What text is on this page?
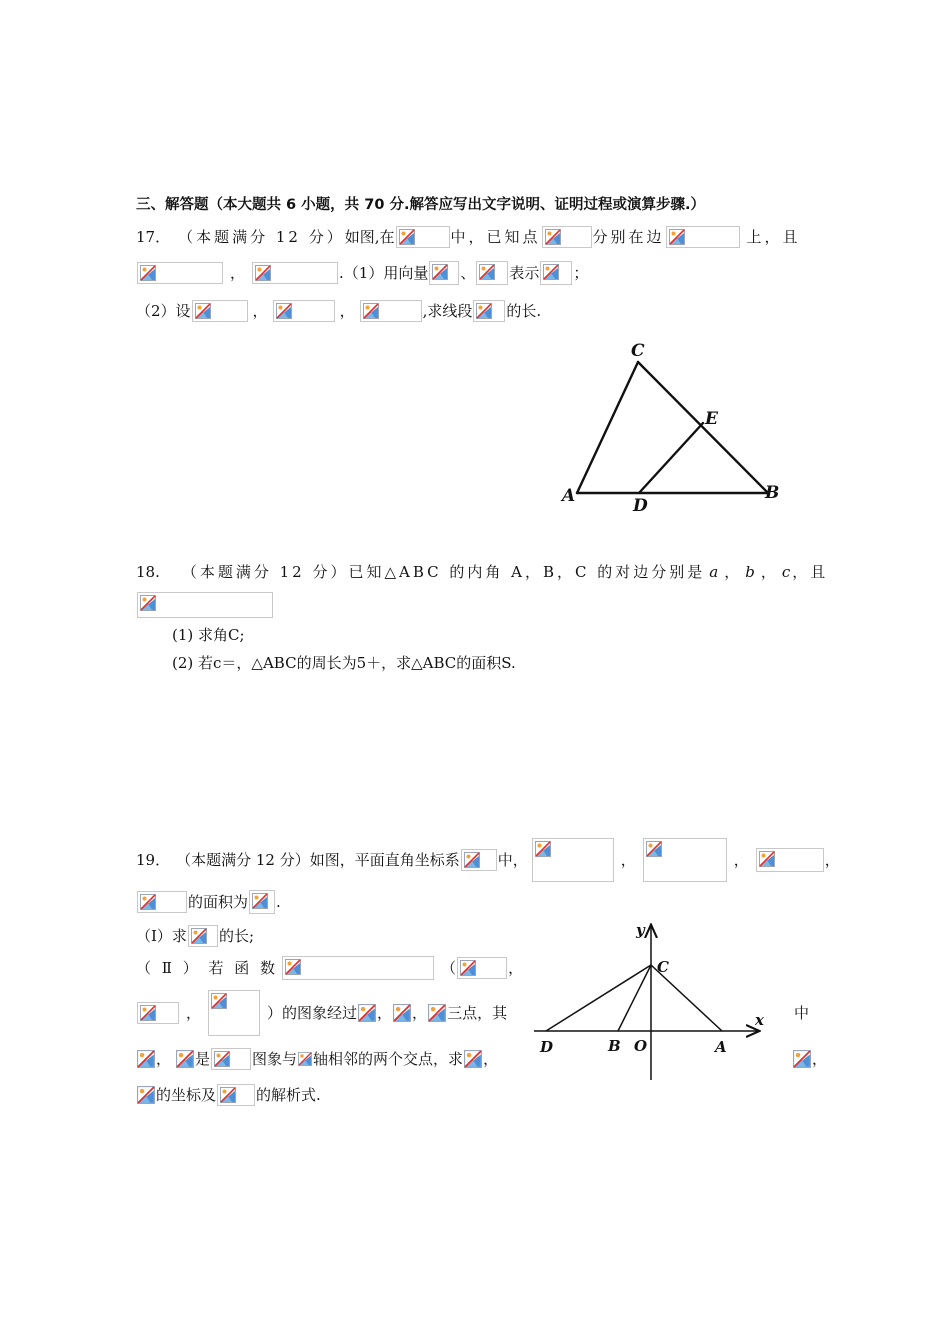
三、解答题（本大题共 6 小题，共 70 分.解答应写出文字说明、证明过程或演算步骤.）
17． （本题满分 12 分） 如图,在	中，已知点	分别在边	上，且
，	.（1）用向量 、 表示 ；
（2）设	，	，	,求线段 的长.
C
E
A	D
B
18. （本题满分 12 分）已知△ABC 的内角 A，B，C 的对边分别是 a ， b ， c ，且
(1) 求角C;
(2) 若c＝，△ABC的周长为5＋，求△ABC的面积S.
19． （本题满分 12 分）如图，平面直角坐标系	中，	，	，	，
的面积为 .
（Ⅰ）求 的长;
（ Ⅱ ） 若 函 数	（	，
，	）的图象经过 ， ， 三点，其	中
， 是	图象与 轴相邻的两个交点，求 ，	，
的坐标及	的解析式.
y
x
C
D	B O	A
